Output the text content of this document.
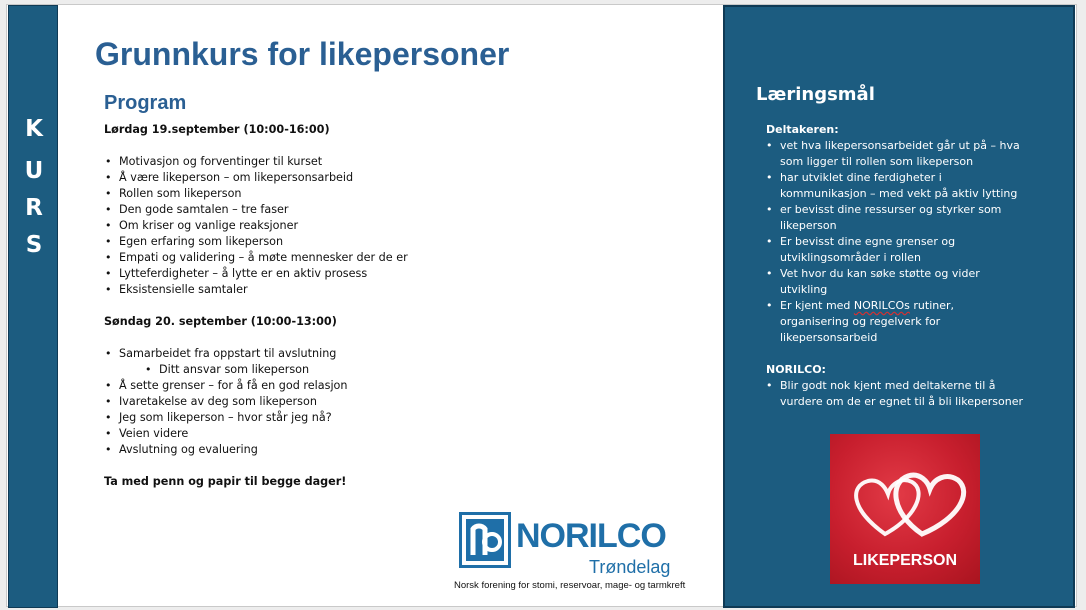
K
U
R
S
Grunnkurs for likepersoner
Program
Lørdag 19.september (10:00-16:00)
• Motivasjon og forventinger til kurset
• Å være likeperson – om likepersonsarbeid
• Rollen som likeperson
• Den gode samtalen – tre faser
• Om kriser og vanlige reaksjoner
• Egen erfaring som likeperson
• Empati og validering – å møte mennesker der de er
• Lytteferdigheter – å lytte er en aktiv prosess
• Eksistensielle samtaler
Søndag 20. september (10:00-13:00)
• Samarbeidet fra oppstart til avslutning
• Ditt ansvar som likeperson
• Å sette grenser – for å få en god relasjon
• Ivaretakelse av deg som likeperson
• Jeg som likeperson – hvor står jeg nå?
• Veien videre
• Avslutning og evaluering
Ta med penn og papir til begge dager!
Læringsmål
Deltakeren:
• vet hva likepersonsarbeidet går ut på – hva
som ligger til rollen som likeperson
• har utviklet dine ferdigheter i
kommunikasjon – med vekt på aktiv lytting
• er bevisst dine ressurser og styrker som
likeperson
• Er bevisst dine egne grenser og
utviklingsområder i rollen
• Vet hvor du kan søke støtte og vider
utvikling
• Er kjent med NORILCOs rutiner,
organisering og regelverk for
likepersonsarbeid
NORILCO:
• Blir godt nok kjent med deltakerne til å
vurdere om de er egnet til å bli likepersoner
LIKEPERSON
NORILCO
Trøndelag
Norsk forening for stomi, reservoar, mage- og tarmkreft
